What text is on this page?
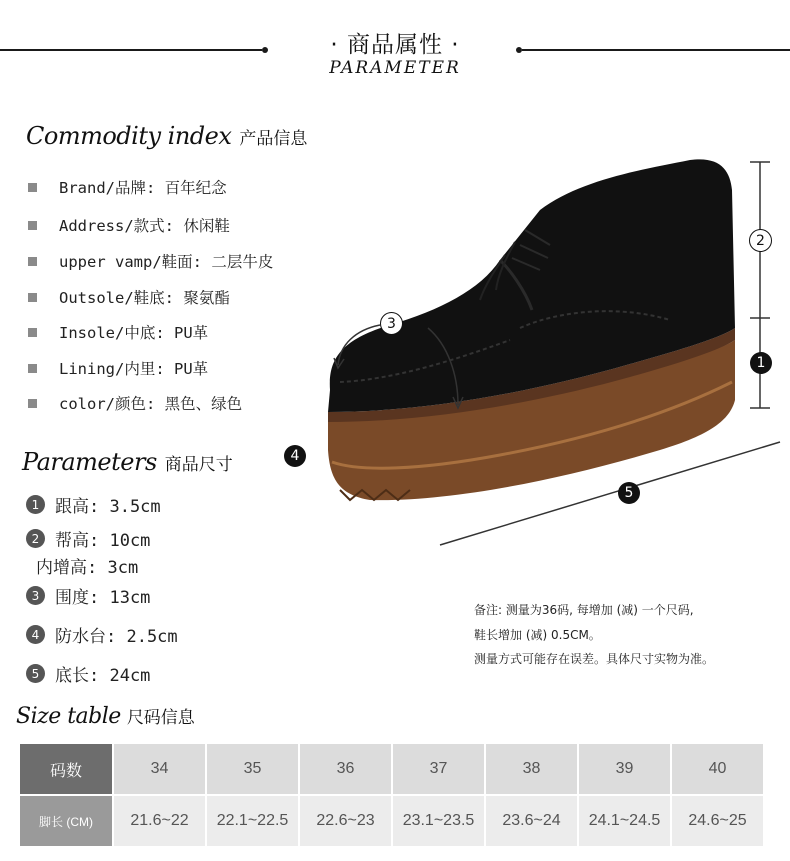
· 商品属性 ·
PARAMETER
Commodity index 产品信息
Brand/品牌: 百年纪念
Address/款式: 休闲鞋
upper vamp/鞋面: 二层牛皮
Outsole/鞋底: 聚氨酯
Insole/中底: PU革
Lining/内里: PU革
color/颜色: 黑色、绿色
Parameters 商品尺寸
1 跟高: 3.5cm
2 帮高: 10cm
内增高: 3cm
3 围度: 13cm
4 防水台: 2.5cm
5 底长: 24cm
1
2
3
4
5
备注: 测量为36码, 每增加 (减) 一个尺码,
鞋长增加 (减) 0.5CM。
测量方式可能存在误差。具体尺寸实物为准。
Size table 尺码信息
码数	34	35	36	37	38	39	40
脚长 (CM)	21.6~22	22.1~22.5	22.6~23	23.1~23.5	23.6~24	24.1~24.5	24.6~25
